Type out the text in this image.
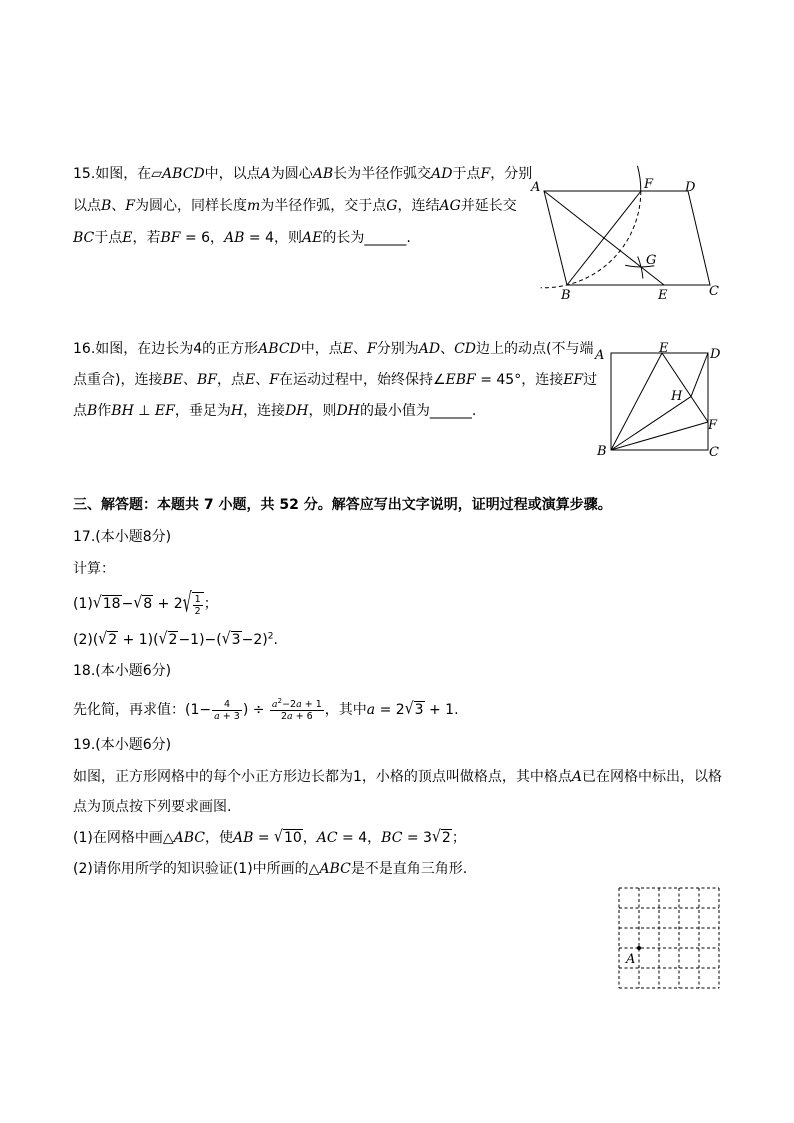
15.如图，在▱ABCD中，以点A为圆心AB长为半径作弧交AD于点F，分别
以点B、F为圆心，同样长度m为半径作弧，交于点G，连结AG并延长交
BC于点E，若BF = 6，AB = 4，则AE的长为______.
A	F D
G
B	E	C
16.如图，在边长为4的正方形ABCD中，点E、F分别为AD、CD边上的动点(不与端
点重合)，连接BE、BF，点E、F在运动过程中，始终保持∠EBF = 45°，连接EF过
点B作BH ⊥ EF，垂足为H，连接DH，则DH的最小值为______.
A	E	D
H
F
B	C
三、解答题：本题共 7 小题，共 52 分。解答应写出文字说明，证明过程或演算步骤。
17.(本小题8分)
计算：
$(1)√18-√8 + 2√ \frac{1}{2}$ ；
$(2)(√2 + 1)(√2-1)-(√3-2)^2$.
18.(本小题6分)
先化简，再求值：($1- \frac{4}{a + 3}$ ) ÷ $\frac{a^2-2a + 1}{2a + 6}$ ，其中a = 2√3 + 1.
19.(本小题6分)
如图，正方形网格中的每个小正方形边长都为1，小格的顶点叫做格点，其中格点A已在网格中标出，以格
点为顶点按下列要求画图.
(1)在网格中画△ABC，使AB = √10，AC = 4，BC = 3√2；
(2)请你用所学的知识验证(1)中所画的△ABC是不是直角三角形.
A
